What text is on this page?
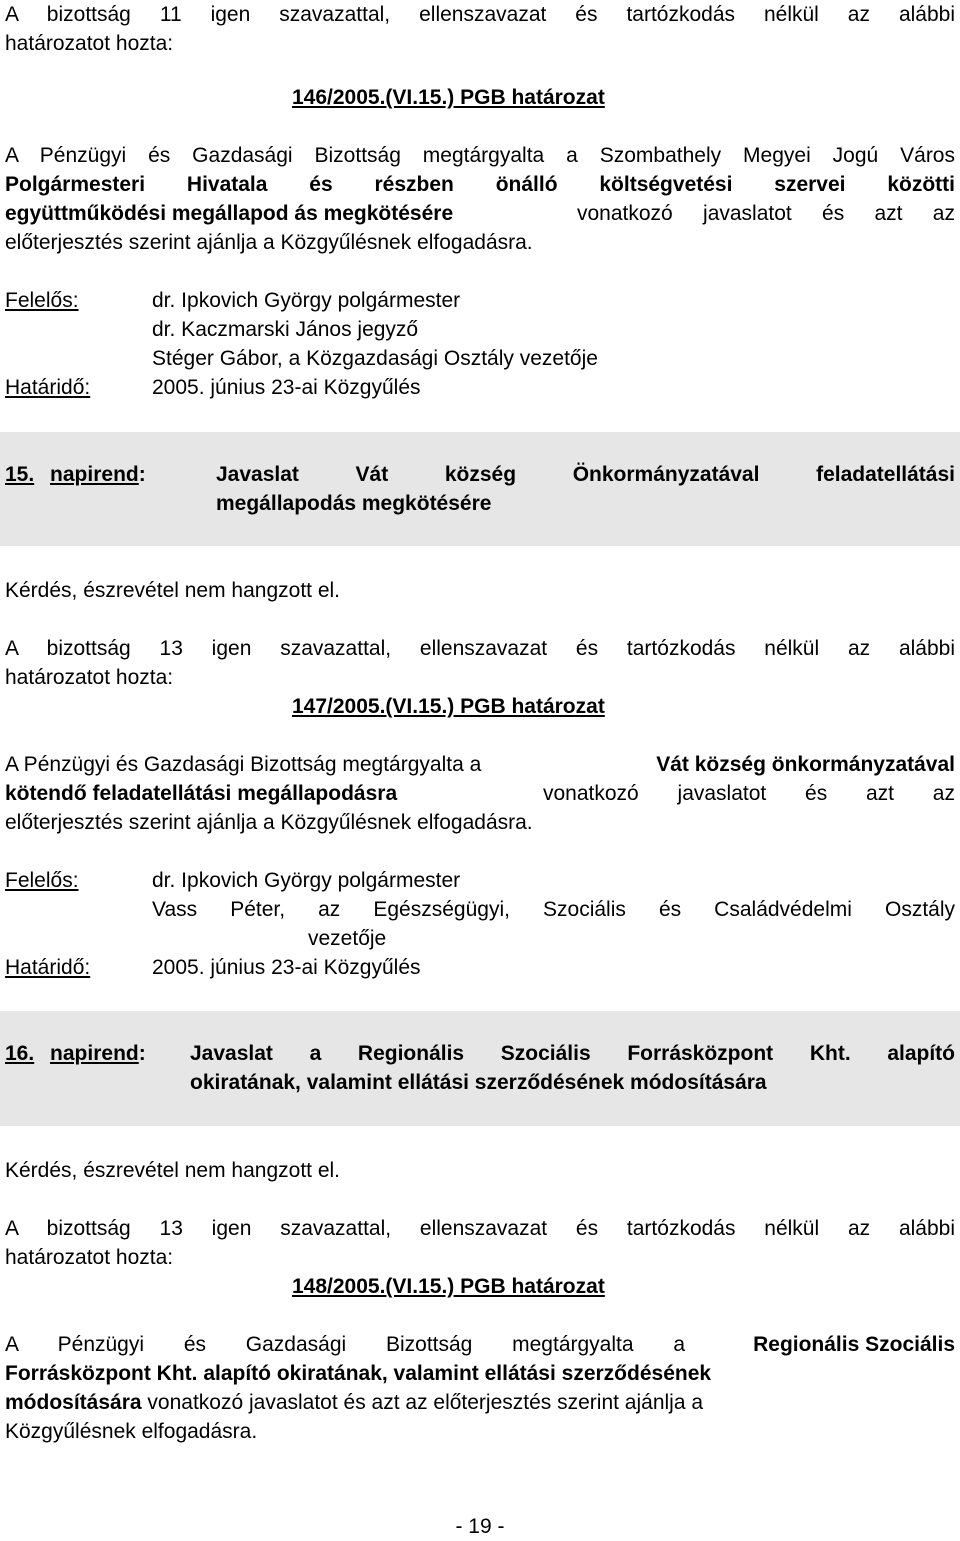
A bizottság 11 igen szavazattal, ellenszavazat és tartózkodás nélkül az alábbi
határozatot hozta:
146/2005.(VI.15.) PGB határozat
A Pénzügyi és Gazdasági Bizottság megtárgyalta a Szombathely Megyei Jogú Város
Polgármesteri Hivatala és részben önálló költségvetési szervei közötti
együttműködési megállapod ás megkötésére	vonatkozó javaslatot és azt az
előterjesztés szerint ajánlja a Közgyűlésnek elfogadásra.
Felelős:	dr. Ipkovich György polgármester
dr. Kaczmarski János jegyző
Stéger Gábor, a Közgazdasági Osztály vezetője
Határidő:	2005. június 23-ai Közgyűlés
15. napirend:	Javaslat Vát község Önkormányzatával feladatellátási
megállapodás megkötésére
Kérdés, észrevétel nem hangzott el.
A bizottság 13 igen szavazattal, ellenszavazat és tartózkodás nélkül az alábbi
határozatot hozta:
147/2005.(VI.15.) PGB határozat
A Pénzügyi és Gazdasági Bizottság megtárgyalta a	Vát község önkormányzatával
kötendő feladatellátási megállapodásra	vonatkozó javaslatot és azt az
előterjesztés szerint ajánlja a Közgyűlésnek elfogadásra.
Felelős:	dr. Ipkovich György polgármester
Vass Péter, az Egészségügyi, Szociális és Családvédelmi Osztály
vezetője
Határidő:	2005. június 23-ai Közgyűlés
16. napirend: Javaslat a Regionális Szociális Forrásközpont Kht. alapító
okiratának, valamint ellátási szerződésének módosítására
Kérdés, észrevétel nem hangzott el.
A bizottság 13 igen szavazattal, ellenszavazat és tartózkodás nélkül az alábbi
határozatot hozta:
148/2005.(VI.15.) PGB határozat
A Pénzügyi és Gazdasági Bizottság megtárgyalta a	Regionális Szociális
Forrásközpont Kht. alapító okiratának, valamint ellátási szerződésének
módosítására vonatkozó javaslatot és azt az előterjesztés szerint ajánlja a
Közgyűlésnek elfogadásra.
- 19 -
